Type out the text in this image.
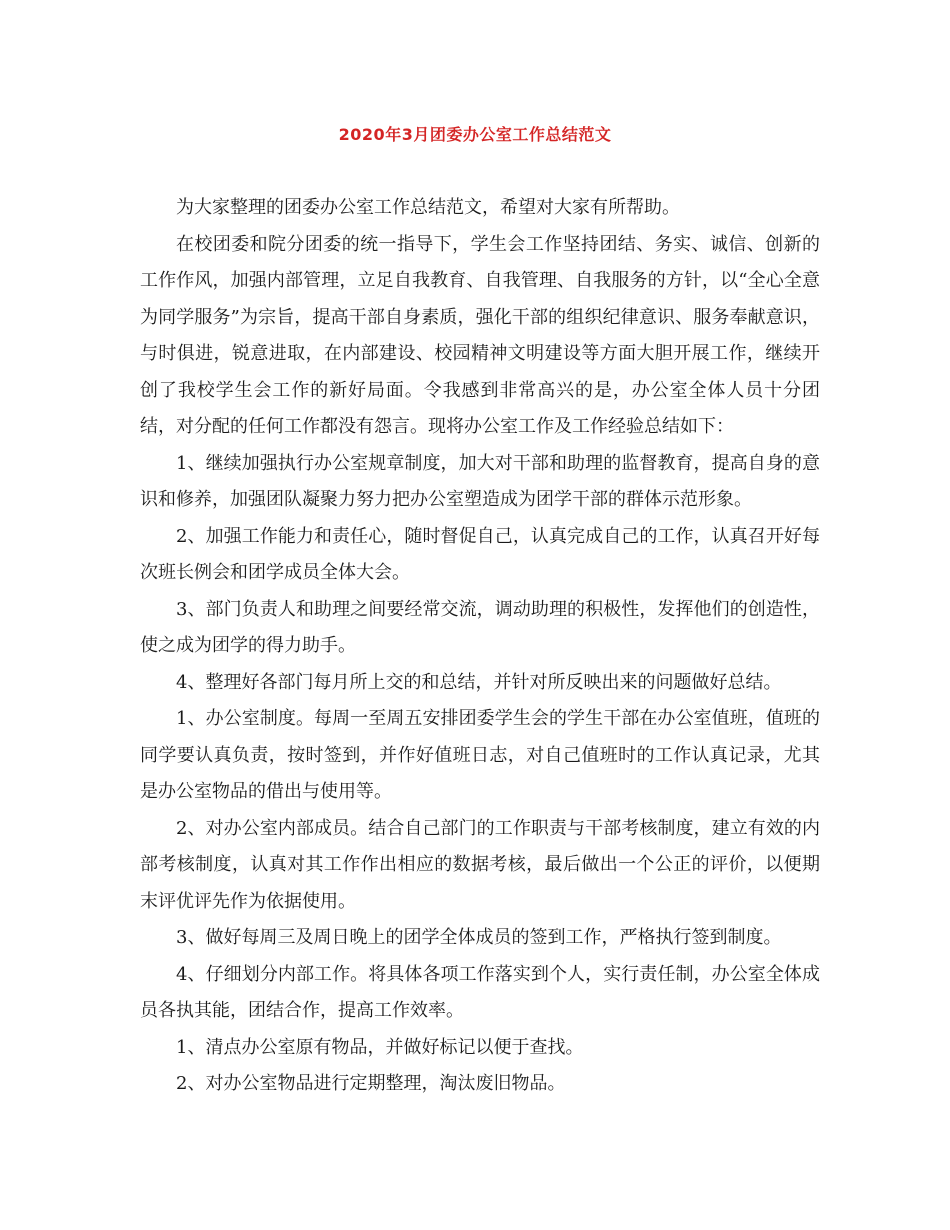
2020年3月团委办公室工作总结范文

为大家整理的团委办公室工作总结范文，希望对大家有所帮助。

在校团委和院分团委的统一指导下，学生会工作坚持团结、务实、诚信、创新的工作作风，加强内部管理，立足自我教育、自我管理、自我服务的方针，以“全心全意为同学服务”为宗旨，提高干部自身素质，强化干部的组织纪律意识、服务奉献意识，与时俱进，锐意进取，在内部建设、校园精神文明建设等方面大胆开展工作，继续开创了我校学生会工作的新好局面。令我感到非常高兴的是，办公室全体人员十分团结，对分配的任何工作都没有怨言。现将办公室工作及工作经验总结如下：

1、继续加强执行办公室规章制度，加大对干部和助理的监督教育，提高自身的意识和修养，加强团队凝聚力努力把办公室塑造成为团学干部的群体示范形象。

2、加强工作能力和责任心，随时督促自己，认真完成自己的工作，认真召开好每次班长例会和团学成员全体大会。

3、部门负责人和助理之间要经常交流，调动助理的积极性，发挥他们的创造性，使之成为团学的得力助手。

4、整理好各部门每月所上交的和总结，并针对所反映出来的问题做好总结。

1、办公室制度。每周一至周五安排团委学生会的学生干部在办公室值班，值班的同学要认真负责，按时签到，并作好值班日志，对自己值班时的工作认真记录，尤其是办公室物品的借出与使用等。

2、对办公室内部成员。结合自己部门的工作职责与干部考核制度，建立有效的内部考核制度，认真对其工作作出相应的数据考核，最后做出一个公正的评价，以便期末评优评先作为依据使用。

3、做好每周三及周日晚上的团学全体成员的签到工作，严格执行签到制度。

4、仔细划分内部工作。将具体各项工作落实到个人，实行责任制，办公室全体成员各执其能，团结合作，提高工作效率。

1、清点办公室原有物品，并做好标记以便于查找。

2、对办公室物品进行定期整理，淘汰废旧物品。
